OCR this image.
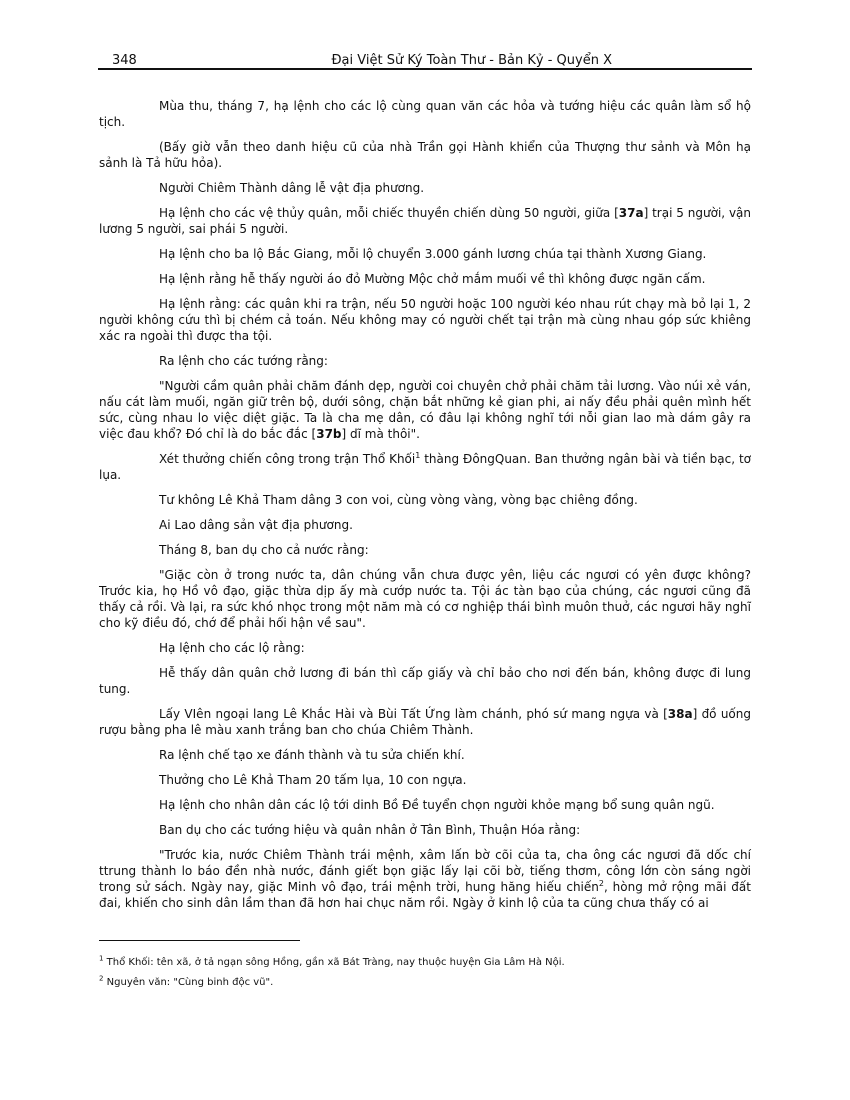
348	Đại Việt Sử Ký Toàn Thư - Bản Kỷ - Quyển X

Mùa thu, tháng 7, hạ lệnh cho các lộ cùng quan văn các hỏa và tướng hiệu các quân làm sổ hộ tịch.

(Bấy giờ vẫn theo danh hiệu cũ của nhà Trần gọi Hành khiển của Thượng thư sảnh và Môn hạ sảnh là Tả hữu hỏa).

Người Chiêm Thành dâng lễ vật địa phương.

Hạ lệnh cho các vệ thủy quân, mỗi chiếc thuyền chiến dùng 50 người, giữa [37a] trại 5 người, vận lương 5 người, sai phái 5 người.

Hạ lệnh cho ba lộ Bắc Giang, mỗi lộ chuyển 3.000 gánh lương chúa tại thành Xương Giang.

Hạ lệnh rằng hễ thấy người áo đỏ Mường Mộc chở mắm muối về thì không được ngăn cấm.

Hạ lệnh rằng: các quân khi ra trận, nếu 50 người hoặc 100 người kéo nhau rút chạy mà bỏ lại 1, 2 người không cứu thì bị chém cả toán. Nếu không may có người chết tại trận mà cùng nhau góp sức khiêng xác ra ngoài thì được tha tội.

Ra lệnh cho các tướng rằng:

"Người cầm quân phải chăm đánh dẹp, người coi chuyên chở phải chăm tải lương. Vào núi xẻ ván, nấu cát làm muối, ngăn giữ trên bộ, dưới sông, chặn bắt những kẻ gian phi, ai nấy đều phải quên mình hết sức, cùng nhau lo việc diệt giặc. Ta là cha mẹ dân, có đâu lại không nghĩ tới nỗi gian lao mà dám gây ra việc đau khổ? Đó chỉ là do bắc đắc [37b] dĩ mà thôi".

Xét thưởng chiến công trong trận Thổ Khối$^1$ thàng ĐôngQuan. Ban thưởng ngân bài và tiền bạc, tơ lụa.

Tư không Lê Khả Tham dâng 3 con voi, cùng vòng vàng, vòng bạc chiêng đồng.

Ai Lao dâng sản vật địa phương.

Tháng 8, ban dụ cho cả nước rằng:

"Giặc còn ở trong nước ta, dân chúng vẫn chưa được yên, liệu các ngươi có yên được không? Trước kia, họ Hồ vô đạo, giặc thừa dịp ấy mà cướp nước ta. Tội ác tàn bạo của chúng, các ngươi cũng đã thấy cả rồi. Và lại, ra sức khó nhọc trong một năm mà có cơ nghiệp thái bình muôn thuở, các ngươi hãy nghĩ cho kỹ điều đó, chớ để phải hối hận về sau".

Hạ lệnh cho các lộ rằng:

Hễ thấy dân quân chở lương đi bán thì cấp giấy và chỉ bảo cho nơi đến bán, không được đi lung tung.

Lấy VIên ngoại lang Lê Khắc Hài và Bùi Tất Ứng làm chánh, phó sứ mang ngựa và [38a] đồ uống rượu bằng pha lê màu xanh trắng ban cho chúa Chiêm Thành.

Ra lệnh chế tạo xe đánh thành và tu sửa chiến khí.

Thưởng cho Lê Khả Tham 20 tấm lụa, 10 con ngựa.

Hạ lệnh cho nhân dân các lộ tới dinh Bồ Đề tuyển chọn người khỏe mạng bổ sung quân ngũ.

Ban dụ cho các tướng hiệu và quân nhân ở Tân Bình, Thuận Hóa rằng:

"Trước kia, nước Chiêm Thành trái mệnh, xâm lấn bờ cõi của ta, cha ông các ngươi đã dốc chí ttrung thành lo báo đền nhà nước, đánh giết bọn giặc lấy lại cõi bờ, tiếng thơm, công lớn còn sáng ngời trong sử sách. Ngày nay, giặc Minh vô đạo, trái mệnh trời, hung hăng hiếu chiến$^2$, hòng mở rộng mãi đất đai, khiến cho sinh dân lầm than đã hơn hai chục năm rồi. Ngày ở kinh lộ của ta cũng chưa thấy có ai

$^1$ Thổ Khối: tên xã, ở tả ngạn sông Hồng, gần xã Bát Tràng, nay thuộc huyện Gia Lâm Hà Nội.

$^2$ Nguyên văn: "Cùng binh độc vũ".
